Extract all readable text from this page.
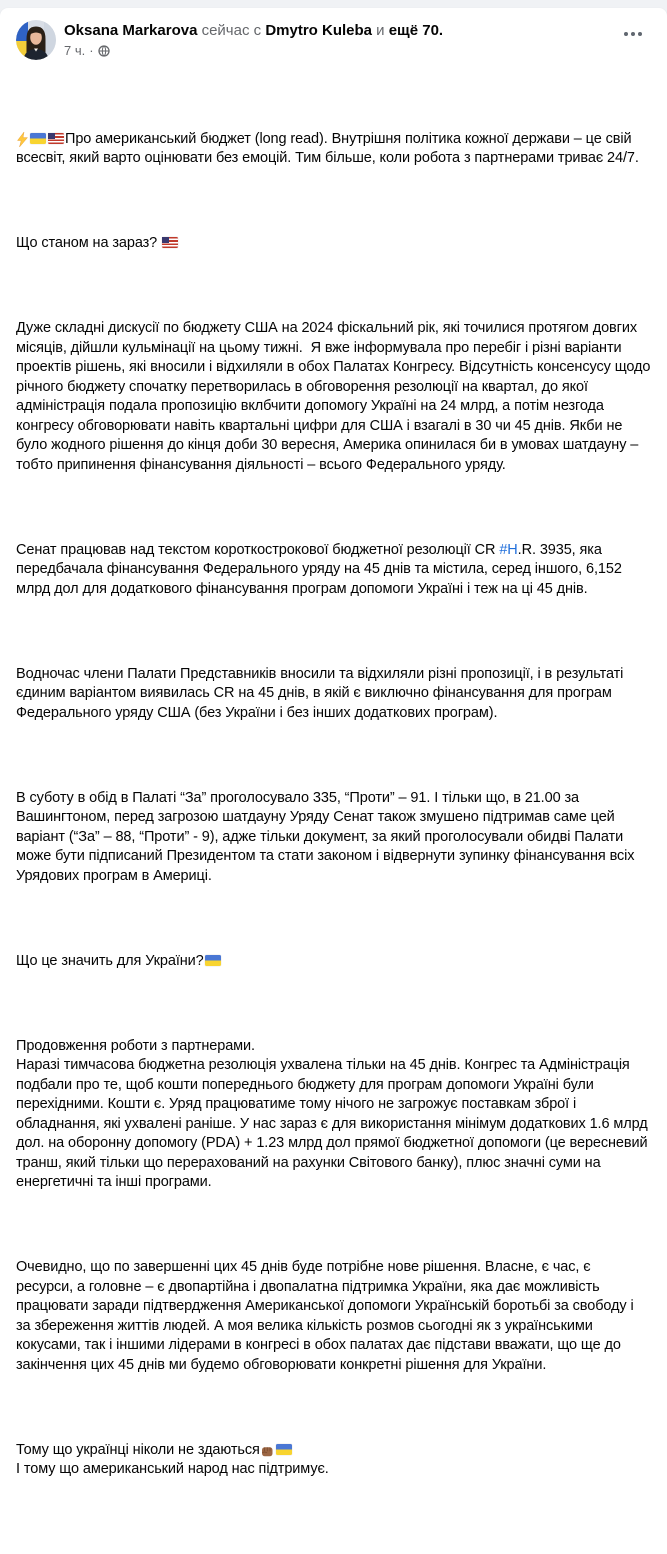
Oksana Markarova сейчас с Dmytro Kuleba и ещё 70.
7 ч. ·

Про американський бюджет (long read). Внутрішня політика кожної держави – це свій всесвіт, який варто оцінювати без емоцій. Тим більше, коли робота з партнерами триває 24/7.

Що станом на зараз?

Дуже складні дискусії по бюджету США на 2024 фіскальний рік, які точилися протягом довгих місяців, дійшли кульмінації на цьому тижні.  Я вже інформувала про перебіг і різні варіанти проектів рішень, які вносили і відхиляли в обох Палатах Конгресу. Відсутність консенсусу щодо річного бюджету спочатку перетворилась в обговорення резолюції на квартал, до якої адміністрація подала пропозицію вклбчити допомогу Україні на 24 млрд, а потім незгода конгресу обговорювати навіть квартальні цифри для США і взагалі в 30 чи 45 днів. Якби не було жодного рішення до кінця доби 30 вересня, Америка опинилася би в умовах шатдауну – тобто припинення фінансування діяльності – всього Федерального уряду.

Сенат працював над текстом короткострокової бюджетної резолюції CR #H.R. 3935, яка передбачала фінансування Федерального уряду на 45 днів та містила, серед іншого, 6,152 млрд дол для додаткового фінансування програм допомоги Україні і теж на ці 45 днів.

Водночас члени Палати Представників вносили та відхиляли різні пропозиції, і в результаті єдиним варіантом виявилась CR на 45 днів, в якій є виключно фінансування для програм Федерального уряду США (без України і без інших додаткових програм).

В суботу в обід в Палаті “За” проголосувало 335, “Проти” – 91. І тільки що, в 21.00 за Вашингтоном, перед загрозою шатдауну Уряду Сенат також змушено підтримав саме цей варіант (“За” – 88, “Проти” - 9), адже тільки документ, за який проголосували обидві Палати може бути підписаний Президентом та стати законом і відвернути зупинку фінансування всіх Урядових програм в Америці.

Що це значить для України?

Продовження роботи з партнерами.
Наразі тимчасова бюджетна резолюція ухвалена тільки на 45 днів. Конгрес та Адміністрація подбали про те, щоб кошти попереднього бюджету для програм допомоги Україні були перехідними. Кошти є. Уряд працюватиме тому нічого не загрожує поставкам зброї і обладнання, які ухвалені раніше. У нас зараз є для використання мінімум додаткових 1.6 млрд дол. на оборонну допомогу (PDA) + 1.23 млрд дол прямої бюджетної допомоги (це вересневий транш, який тільки що перерахований на рахунки Світового банку), плюс значні суми на енергетичні та інші програми.

Очевидно, що по завершенні цих 45 днів буде потрібне нове рішення. Власне, є час, є ресурси, а головне – є двопартійна і двопалатна підтримка України, яка дає можливість працювати заради підтвердження Американської допомоги Українській боротьбі за свободу і за збереження життів людей. А моя велика кількість розмов сьогодні як з українськими кокусами, так і іншими лідерами в конгресі в обох палатах дає підстави вважати, що ще до закінчення цих 45 днів ми будемо обговорювати конкретні рішення для України.

Тому що українці ніколи не здаються
І тому що американський народ нас підтримує.
